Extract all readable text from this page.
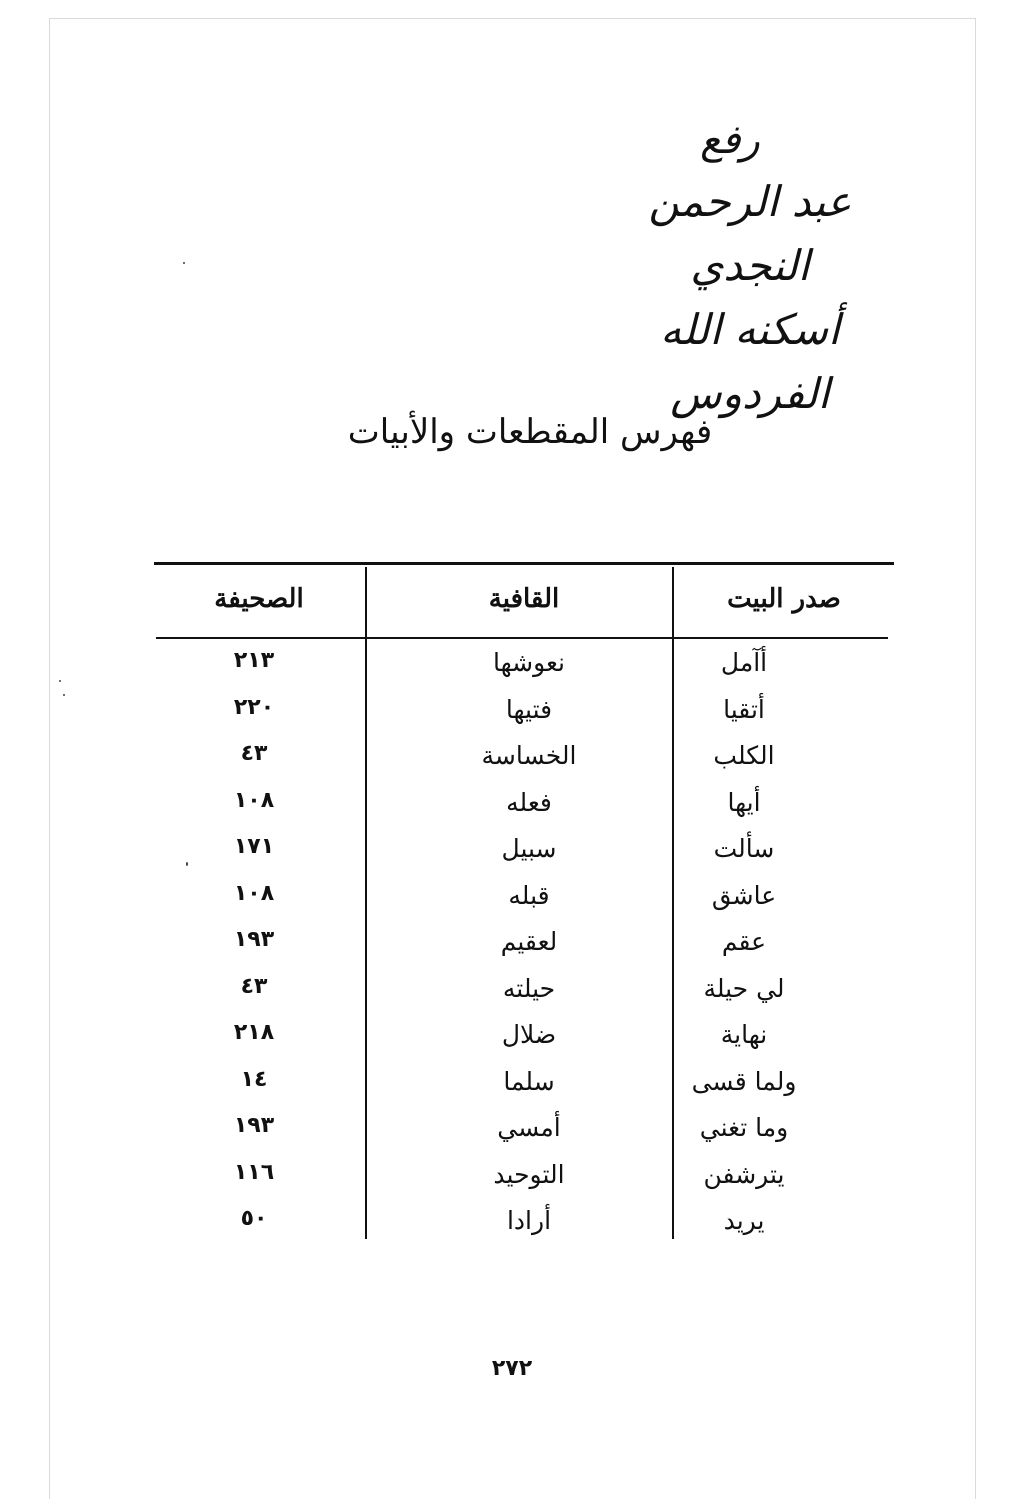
رفع
عبد الرحمن النجدي
أسكنه الله الفردوس
فهرس المقطعات والأبيات
صدر البيت
القافية
الصحيفة
أآمل
نعوشها
٢١٣
أتقيا
فتيها
٢٢٠
الكلب
الخساسة
٤٣
أيها
فعله
١٠٨
سألت
سبيل
١٧١
عاشق
قبله
١٠٨
عقم
لعقيم
١٩٣
لي حيلة
حيلته
٤٣
نهاية
ضلال
٢١٨
ولما قسى
سلما
١٤
وما تغني
أمسي
١٩٣
يترشفن
التوحيد
١١٦
يريد
أرادا
٥٠
٢٧٢
